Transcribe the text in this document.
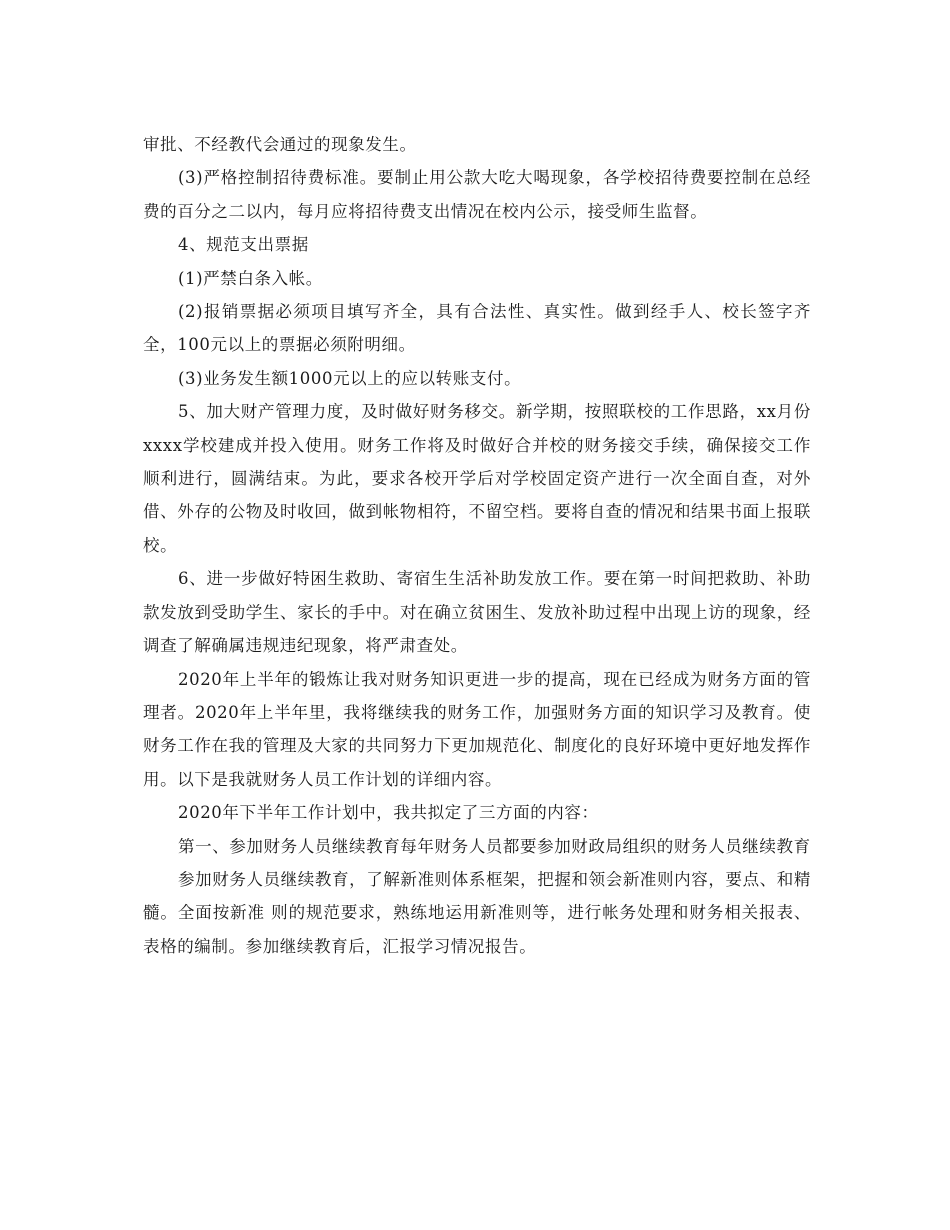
审批、不经教代会通过的现象发生。

(3)严格控制招待费标准。要制止用公款大吃大喝现象，各学校招待费要控制在总经费的百分之二以内，每月应将招待费支出情况在校内公示，接受师生监督。

4、规范支出票据

(1)严禁白条入帐。

(2)报销票据必须项目填写齐全，具有合法性、真实性。做到经手人、校长签字齐全，100元以上的票据必须附明细。

(3)业务发生额1000元以上的应以转账支付。

5、加大财产管理力度，及时做好财务移交。新学期，按照联校的工作思路，xx月份xxxx学校建成并投入使用。财务工作将及时做好合并校的财务接交手续，确保接交工作顺利进行，圆满结束。为此，要求各校开学后对学校固定资产进行一次全面自查，对外借、外存的公物及时收回，做到帐物相符，不留空档。要将自查的情况和结果书面上报联校。

6、进一步做好特困生救助、寄宿生生活补助发放工作。要在第一时间把救助、补助款发放到受助学生、家长的手中。对在确立贫困生、发放补助过程中出现上访的现象，经调查了解确属违规违纪现象，将严肃查处。

2020年上半年的锻炼让我对财务知识更进一步的提高，现在已经成为财务方面的管理者。2020年上半年里，我将继续我的财务工作，加强财务方面的知识学习及教育。使财务工作在我的管理及大家的共同努力下更加规范化、制度化的良好环境中更好地发挥作用。以下是我就财务人员工作计划的详细内容。

2020年下半年工作计划中，我共拟定了三方面的内容：

第一、参加财务人员继续教育每年财务人员都要参加财政局组织的财务人员继续教育

参加财务人员继续教育，了解新准则体系框架，把握和领会新准则内容，要点、和精髓。全面按新准 则的规范要求，熟练地运用新准则等，进行帐务处理和财务相关报表、表格的编制。参加继续教育后，汇报学习情况报告。
